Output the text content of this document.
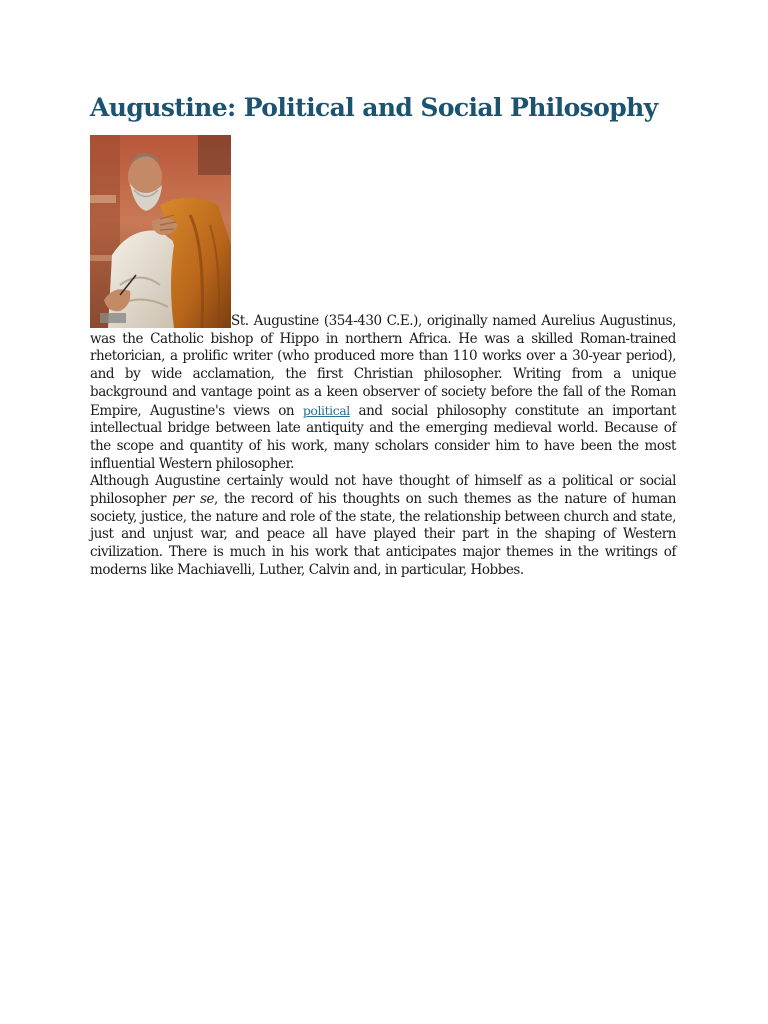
Augustine: Political and Social Philosophy

St. Augustine (354-430 C.E.), originally named Aurelius Augustinus, was the Catholic bishop of Hippo in northern Africa. He was a skilled Roman-trained rhetorician, a prolific writer (who produced more than 110 works over a 30-year period), and by wide acclamation, the first Christian philosopher. Writing from a unique background and vantage point as a keen observer of society before the fall of the Roman Empire, Augustine's views on political and social philosophy constitute an important intellectual bridge between late antiquity and the emerging medieval world. Because of the scope and quantity of his work, many scholars consider him to have been the most influential Western philosopher.

Although Augustine certainly would not have thought of himself as a political or social philosopher per se, the record of his thoughts on such themes as the nature of human society, justice, the nature and role of the state, the relationship between church and state, just and unjust war, and peace all have played their part in the shaping of Western civilization. There is much in his work that anticipates major themes in the writings of moderns like Machiavelli, Luther, Calvin and, in particular, Hobbes.
